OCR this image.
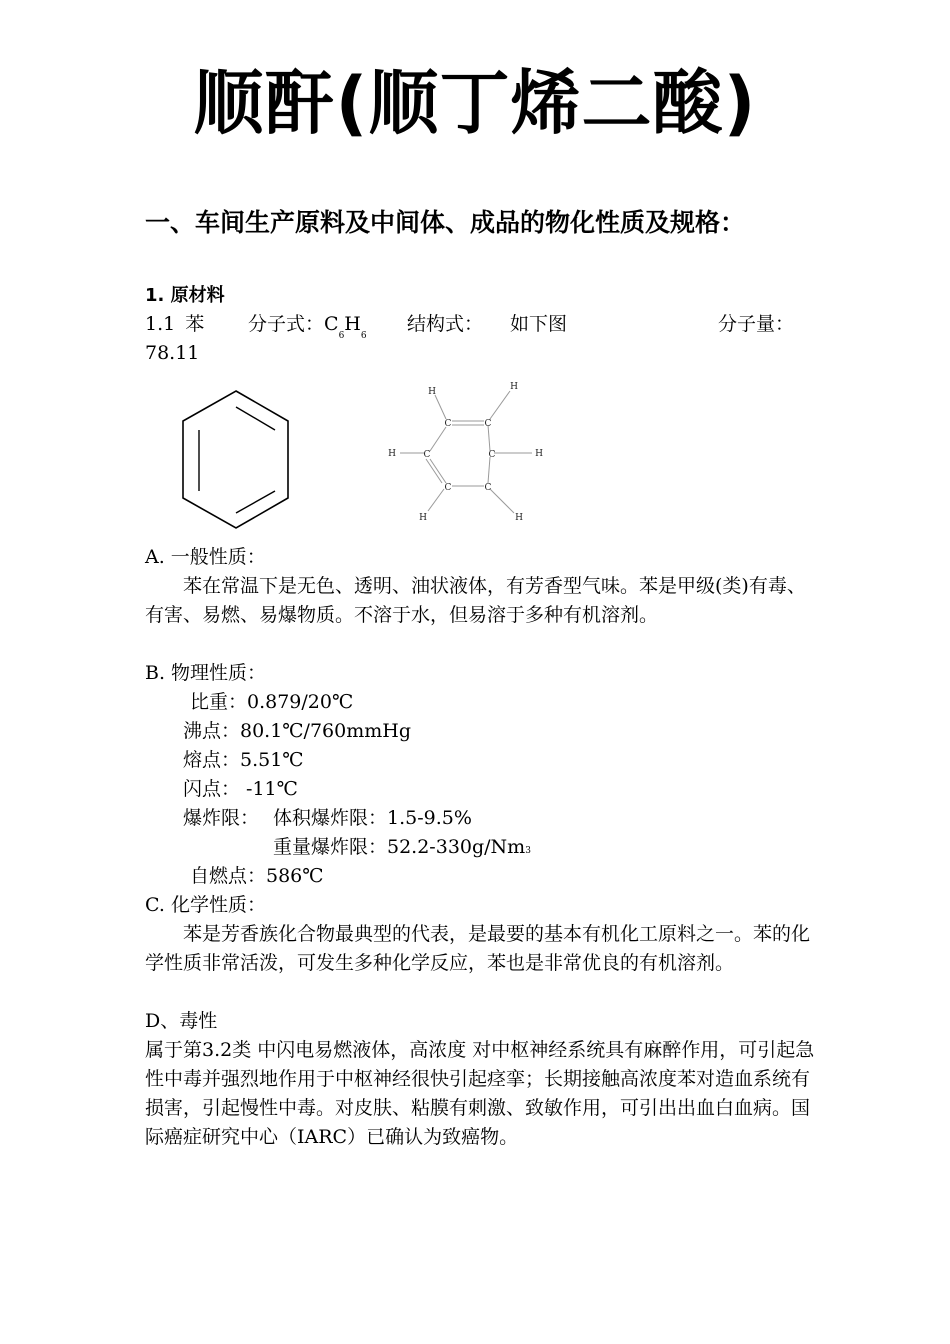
顺酐(顺丁烯二酸)
一、车间生产原料及中间体、成品的物化性质及规格：
1. 原材料
1.1 苯 分子式：$C_6H_6$
结构式： 如下图	分子量：
78.11
C	C
C	C
C	C
H	H
H	H
H	H
A. 一般性质：
苯在常温下是无色、透明、油状液体，有芳香型气味。苯是甲级(类)有毒、有害、易燃、易爆物质。不溶于水，但易溶于多种有机溶剂。
B. 物理性质：
比重：0.879/20℃
沸点：80.1℃/760mmHg
熔点：5.51℃
闪点： -11℃
爆炸限： 体积爆炸限：1.5-9.5%
重量爆炸限：52.2-330g/Nm3
自燃点：586℃
C. 化学性质：
苯是芳香族化合物最典型的代表，是最要的基本有机化工原料之一。苯的化学性质非常活泼，可发生多种化学反应，苯也是非常优良的有机溶剂。
D、毒性
属于第3.2类 中闪电易燃液体，高浓度 对中枢神经系统具有麻醉作用，可引起急性中毒并强烈地作用于中枢神经很快引起痉挛；长期接触高浓度苯对造血系统有损害，引起慢性中毒。对皮肤、粘膜有刺激、致敏作用，可引出出血白血病。国际癌症研究中心（IARC）已确认为致癌物。
